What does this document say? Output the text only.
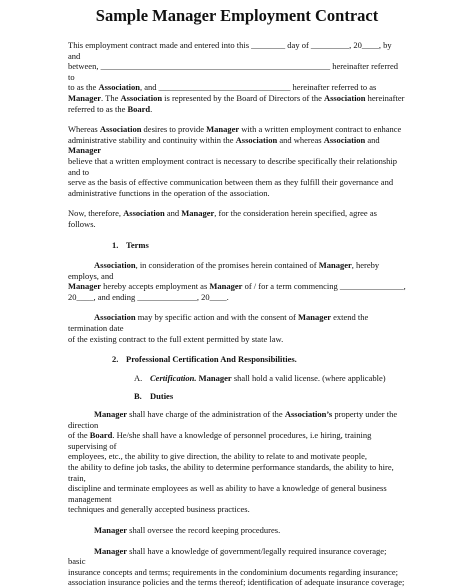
Sample Manager Employment Contract

This employment contract made and entered into this ________ day of _________, 20____, by and

between, ______________________________________________________ hereinafter referred to

to as the Association, and _______________________________ hereinafter referred to as

Manager. The Association is represented by the Board of Directors of the Association hereinafter

referred to as the Board.

Whereas Association desires to provide Manager with a written employment contract to enhance

administrative stability and continuity within the Association and whereas Association and Manager

believe that a written employment contract is necessary to describe specifically their relationship and to

serve as the basis of effective communication between them as they fulfill their governance and

administrative functions in the operation of the association.

Now, therefore, Association and Manager, for the consideration herein specified, agree as follows.

1. Terms

Association, in consideration of the promises herein contained of Manager, hereby employs, and

Manager hereby accepts employment as Manager of / for a term commencing _______________,

20____, and ending ______________, 20____.

Association may by specific action and with the consent of Manager extend the termination date

of the existing contract to the full extent permitted by state law.

2. Professional Certification And Responsibilities.
A. Certification. Manager shall hold a valid license. (where applicable)
B. Duties

Manager shall have charge of the administration of the Association’s property under the direction

of the Board. He/she shall have a knowledge of personnel procedures, i.e hiring, training supervising of

employees, etc., the ability to give direction, the ability to relate to and motivate people,

the ability to define job tasks, the ability to determine performance standards, the ability to hire, train,

discipline and terminate employees as well as ability to have a knowledge of general business management

techniques and generally accepted business practices.

Manager shall oversee the record keeping procedures.

Manager shall have a knowledge of government/legally required insurance coverage; basic

insurance concepts and terms; requirements in the condominium documents regarding insurance;

association insurance policies and the terms thereof; identification of adequate insurance coverage;
